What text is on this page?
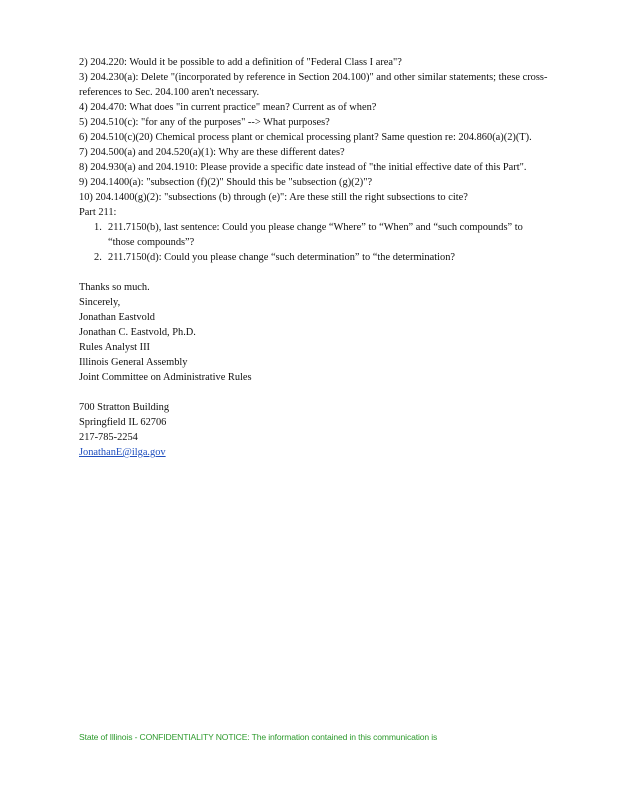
2) 204.220: Would it be possible to add a definition of "Federal Class I area"?

3) 204.230(a): Delete "(incorporated by reference in Section 204.100)" and other similar statements; these cross-references to Sec. 204.100 aren't necessary.

4) 204.470: What does "in current practice" mean? Current as of when?

5) 204.510(c): "for any of the purposes" --> What purposes?

6) 204.510(c)(20) Chemical process plant or chemical processing plant? Same question re: 204.860(a)(2)(T).

7) 204.500(a) and 204.520(a)(1): Why are these different dates?

8) 204.930(a) and 204.1910: Please provide a specific date instead of "the initial effective date of this Part".

9) 204.1400(a): "subsection (f)(2)" Should this be "subsection (g)(2)"?

10) 204.1400(g)(2): "subsections (b) through (e)": Are these still the right subsections to cite?

Part 211:

1. 211.7150(b), last sentence: Could you please change “Where” to “When” and “such compounds” to “those compounds”?
2. 211.7150(d): Could you please change “such determination” to “the determination?

Thanks so much.

Sincerely,

Jonathan Eastvold

Jonathan C. Eastvold, Ph.D.

Rules Analyst III

Illinois General Assembly

Joint Committee on Administrative Rules

700 Stratton Building

Springfield IL 62706

217-785-2254

JonathanE@ilga.gov

State of Illinois - CONFIDENTIALITY NOTICE: The information contained in this communication is
